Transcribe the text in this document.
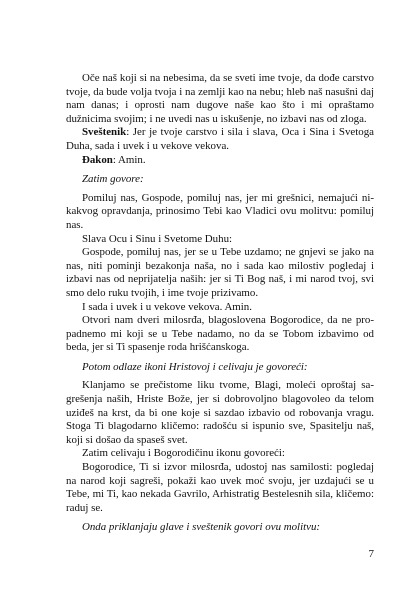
Oče naš koji si na nebesima, da se sveti ime tvoje, da dođe carstvo tvoje, da bude volja tvoja i na zemlji kao na nebu; hleb naš nasušni daj nam danas; i oprosti nam dugove naše kao što i mi opraštamo dužnicima svojim; i ne uvedi nas u iskušenje, no izbavi nas od zloga.

Sveštenik: Jer je tvoje carstvo i sila i slava, Oca i Sina i Svetoga Duha, sada i uvek i u vekove vekova.

Đakon: Amin.

Zatim govore:

Pomiluj nas, Gospode, pomiluj nas, jer mi grešnici, nemajući nikakvog opravdanja, prinosimo Tebi kao Vladici ovu molitvu: pomiluj nas.

Slava Ocu i Sinu i Svetome Duhu:

Gospode, pomiluj nas, jer se u Tebe uzdamo; ne gnjevi se jako na nas, niti pominji bezakonja naša, no i sada kao milostiv pogledaj i izbavi nas od neprijatelja naših: jer si Ti Bog naš, i mi narod tvoj, svi smo delo ruku tvojih, i ime tvoje prizivamo.

I sada i uvek i u vekove vekova. Amin.

Otvori nam dveri milosrđa, blagoslovena Bogorodice, da ne propadnemo mi koji se u Tebe nadamo, no da se Tobom izbavimo od beda, jer si Ti spasenje roda hrišćanskoga.

Potom odlaze ikoni Hristovoj i celivaju je govoreći:

Klanjamo se prečistome liku tvome, Blagi, moleći oproštaj sagrešenja naših, Hriste Bože, jer si dobrovoljno blagovoleo da telom uziđeš na krst, da bi one koje si sazdao izbavio od robovanja vragu. Stoga Ti blagodarno kličemo: radošću si ispunio sve, Spasitelju naš, koji si došao da spaseš svet.

Zatim celivaju i Bogorodičinu ikonu govoreći:

Bogorodice, Ti si izvor milosrđa, udostoj nas samilosti: pogledaj na narod koji sagreši, pokaži kao uvek moć svoju, jer uzdajući se u Tebe, mi Ti, kao nekada Gavrilo, Arhistratig Bestelesnih sila, kličemo: raduj se.

Onda priklanjaju glave i sveštenik govori ovu molitvu:

7
